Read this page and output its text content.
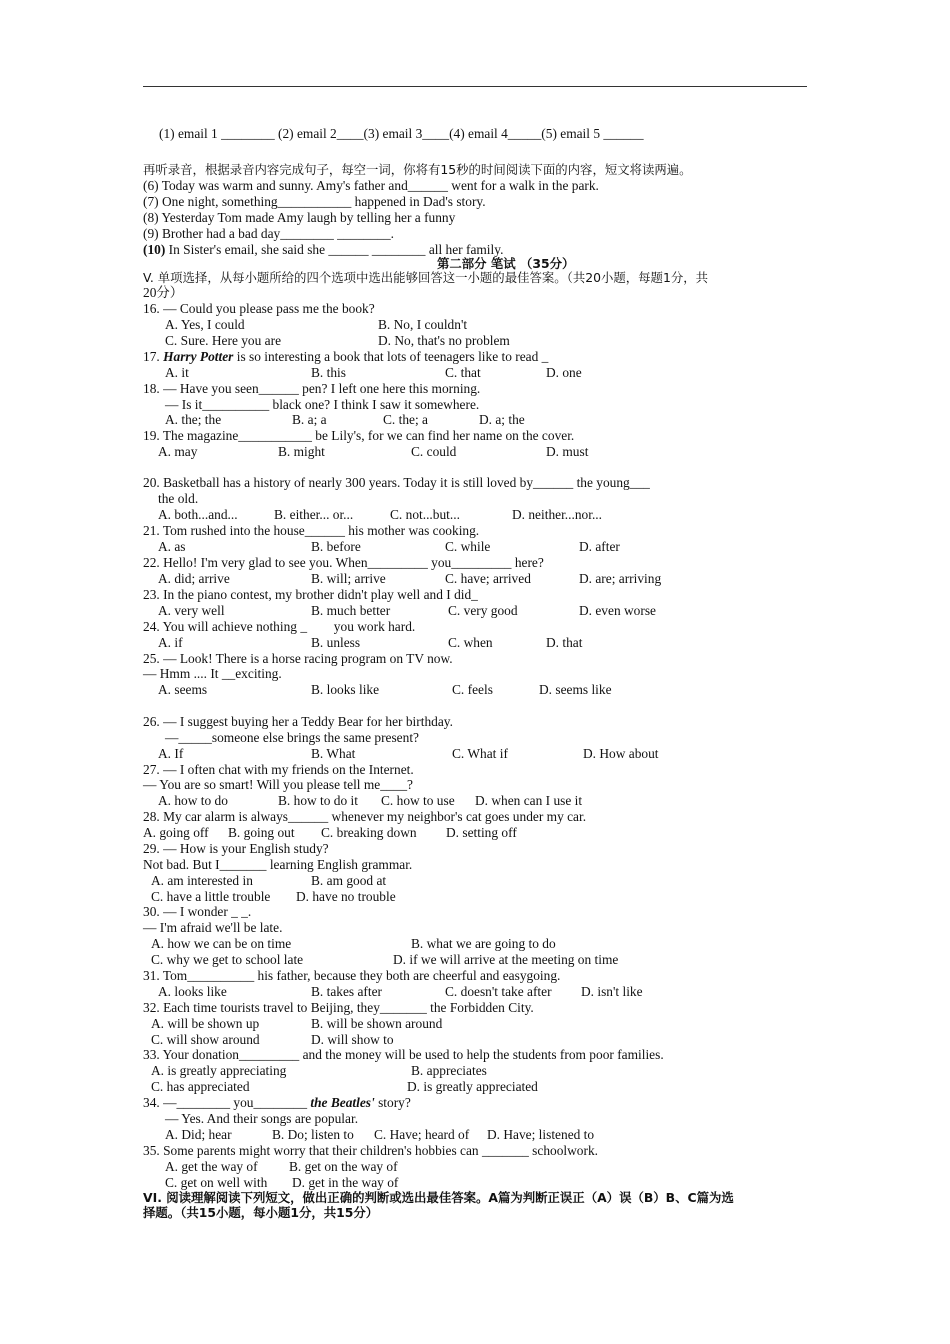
(1) email 1 ________ (2) email 2____(3) email 3____(4) email 4_____(5) email 5 ______
再听录音，根据录音内容完成句子，每空一词，你将有15秒的时间阅读下面的内容，短文将读两遍。
(6) Today was warm and sunny. Amy's father and______ went for a walk in the park.
(7) One night, something___________ happened in Dad's story.
(8) Yesterday Tom made Amy laugh by telling her a funny
(9) Brother had a bad day________ ________.
(10) In Sister's email, she said she ______ ________ all her family.
第二部分 笔试 （35分）
V. 单项选择，从每小题所给的四个选项中选出能够回答这一小题的最佳答案。（共20小题，每题1分，共
20分）
16. — Could you please pass me the book?
A. Yes, I could	B. No, I couldn't
C. Sure. Here you are	D. No, that's no problem
17. Harry Potter is so interesting a book that lots of teenagers like to read _
A. it	B. this	C. that	D. one
18. — Have you seen______ pen? I left one here this morning.
— Is it__________ black one? I think I saw it somewhere.
A. the; the	B. a; a	C. the; a	D. a; the
19. The magazine___________ be Lily's, for we can find her name on the cover.
A. may	B. might	C. could	D. must
20. Basketball has a history of nearly 300 years. Today it is still loved by______ the young___
the old.
A. both...and...	B. either... or...	C. not...but...	D. neither...nor...
21. Tom rushed into the house______ his mother was cooking.
A. as	B. before	C. while	D. after
22. Hello! I'm very glad to see you. When_________ you_________ here?
A. did; arrive	B. will; arrive	C. have; arrived	D. are; arriving
23. In the piano contest, my brother didn't play well and I did_
A. very well	B. much better	C. very good	D. even worse
24. You will achieve nothing _        you work hard.
A. if	B. unless	C. when	D. that
25. — Look! There is a horse racing program on TV now.
— Hmm .... It __exciting.
A. seems	B. looks like	C. feels	D. seems like
26. — I suggest buying her a Teddy Bear for her birthday.
—_____someone else brings the same present?
A. If	B. What	C. What if	D. How about
27. — I often chat with my friends on the Internet.
— You are so smart! Will you please tell me____?
A. how to do	B. how to do it C. how to use D. when can I use it
28. My car alarm is always______ whenever my neighbor's cat goes under my car.
A. going off B. going out C. breaking down D. setting off
29. — How is your English study?
Not bad. But I_______ learning English grammar.
A. am interested in	B. am good at
C. have a little trouble D. have no trouble
30. — I wonder _ _.
— I'm afraid we'll be late.
A. how we can be on time	B. what we are going to do
C. why we get to school late	D. if we will arrive at the meeting on time
31. Tom__________ his father, because they both are cheerful and easygoing.
A. looks like	B. takes after	C. doesn't take after D. isn't like
32. Each time tourists travel to Beijing, they_______ the Forbidden City.
A. will be shown up	B. will be shown around
C. will show around	D. will show to
33. Your donation_________ and the money will be used to help the students from poor families.
A. is greatly appreciating	B. appreciates
C. has appreciated	D. is greatly appreciated
34. —________ you________ the Beatles' story?
— Yes. And their songs are popular.
A. Did; hear	B. Do; listen to C. Have; heard of D. Have; listened to
35. Some parents might worry that their children's hobbies can _______ schoolwork.
A. get the way of B. get on the way of
C. get on well with D. get in the way of
VI. 阅读理解阅读下列短文，做出正确的判断或选出最佳答案。A篇为判断正误正（A）误（B）B、C篇为选
择题。（共15小题，每小题1分，共15分）
